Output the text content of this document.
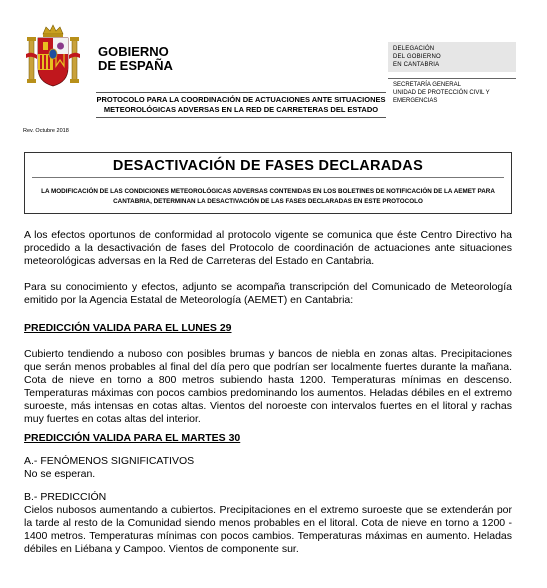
GOBIERNO
DE ESPAÑA
DELEGACIÓN
DEL GOBIERNO
EN CANTABRIA
SECRETARÍA GENERAL
UNIDAD DE PROTECCIÓN CIVIL Y
EMERGENCIAS
PROTOCOLO PARA LA COORDINACIÓN DE ACTUACIONES ANTE SITUACIONES METEOROLÓGICAS ADVERSAS EN LA RED DE CARRETERAS DEL ESTADO
Rev. Octubre 2018
DESACTIVACIÓN DE FASES DECLARADAS
LA MODIFICACIÓN DE LAS CONDICIONES METEOROLÓGICAS ADVERSAS CONTENIDAS EN LOS BOLETINES DE NOTIFICACIÓN DE LA AEMET PARA CANTABRIA, DETERMINAN LA DESACTIVACIÓN DE LAS FASES DECLARADAS EN ESTE PROTOCOLO

A los efectos oportunos de conformidad al protocolo vigente se comunica que éste Centro Directivo ha procedido a la desactivación de fases del Protocolo de coordinación de actuaciones ante situaciones meteorológicas adversas en la Red de Carreteras del Estado en Cantabria.

Para su conocimiento y efectos, adjunto se acompaña transcripción del Comunicado de Meteorología emitido por la Agencia Estatal de Meteorología (AEMET) en Cantabria:

PREDICCIÓN VALIDA PARA EL LUNES 29

Cubierto tendiendo a nuboso con posibles brumas y bancos de niebla en zonas altas. Precipitaciones que serán menos probables al final del día pero que podrían ser localmente fuertes durante la mañana. Cota de nieve en torno a 800 metros subiendo hasta 1200. Temperaturas mínimas en descenso. Temperaturas máximas con pocos cambios predominando los aumentos. Heladas débiles en el extremo suroeste, más intensas en cotas altas. Vientos del noroeste con intervalos fuertes en el litoral y rachas muy fuertes en cotas altas del interior.

PREDICCIÓN VALIDA PARA EL MARTES 30

A.- FENÓMENOS SIGNIFICATIVOS

No se esperan.

B.- PREDICCIÓN

Cielos nubosos aumentando a cubiertos. Precipitaciones en el extremo suroeste que se extenderán por la tarde al resto de la Comunidad siendo menos probables en el litoral. Cota de nieve en torno a 1200 - 1400 metros. Temperaturas mínimas con pocos cambios. Temperaturas máximas en aumento. Heladas débiles en Liébana y Campoo. Vientos de componente sur.
